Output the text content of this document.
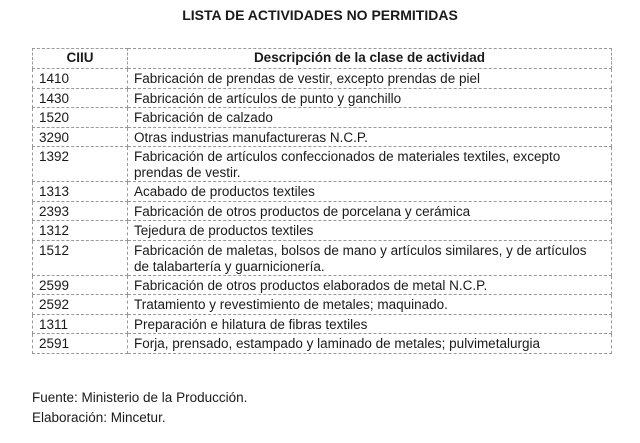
LISTA DE ACTIVIDADES NO PERMITIDAS
CIIU	Descripción de la clase de actividad
1410	Fabricación de prendas de vestir, excepto prendas de piel
1430	Fabricación de artículos de punto y ganchillo
1520	Fabricación de calzado
3290	Otras industrias manufactureras N.C.P.
1392	Fabricación de artículos confeccionados de materiales textiles, excepto prendas de vestir.
1313	Acabado de productos textiles
2393	Fabricación de otros productos de porcelana y cerámica
1312	Tejedura de productos textiles
1512	Fabricación de maletas, bolsos de mano y artículos similares, y de artículos de talabartería y guarnicionería.
2599	Fabricación de otros productos elaborados de metal N.C.P.
2592	Tratamiento y revestimiento de metales; maquinado.
1311	Preparación e hilatura de fibras textiles
2591	Forja, prensado, estampado y laminado de metales; pulvimetalurgia
Fuente: Ministerio de la Producción.
Elaboración: Mincetur.
